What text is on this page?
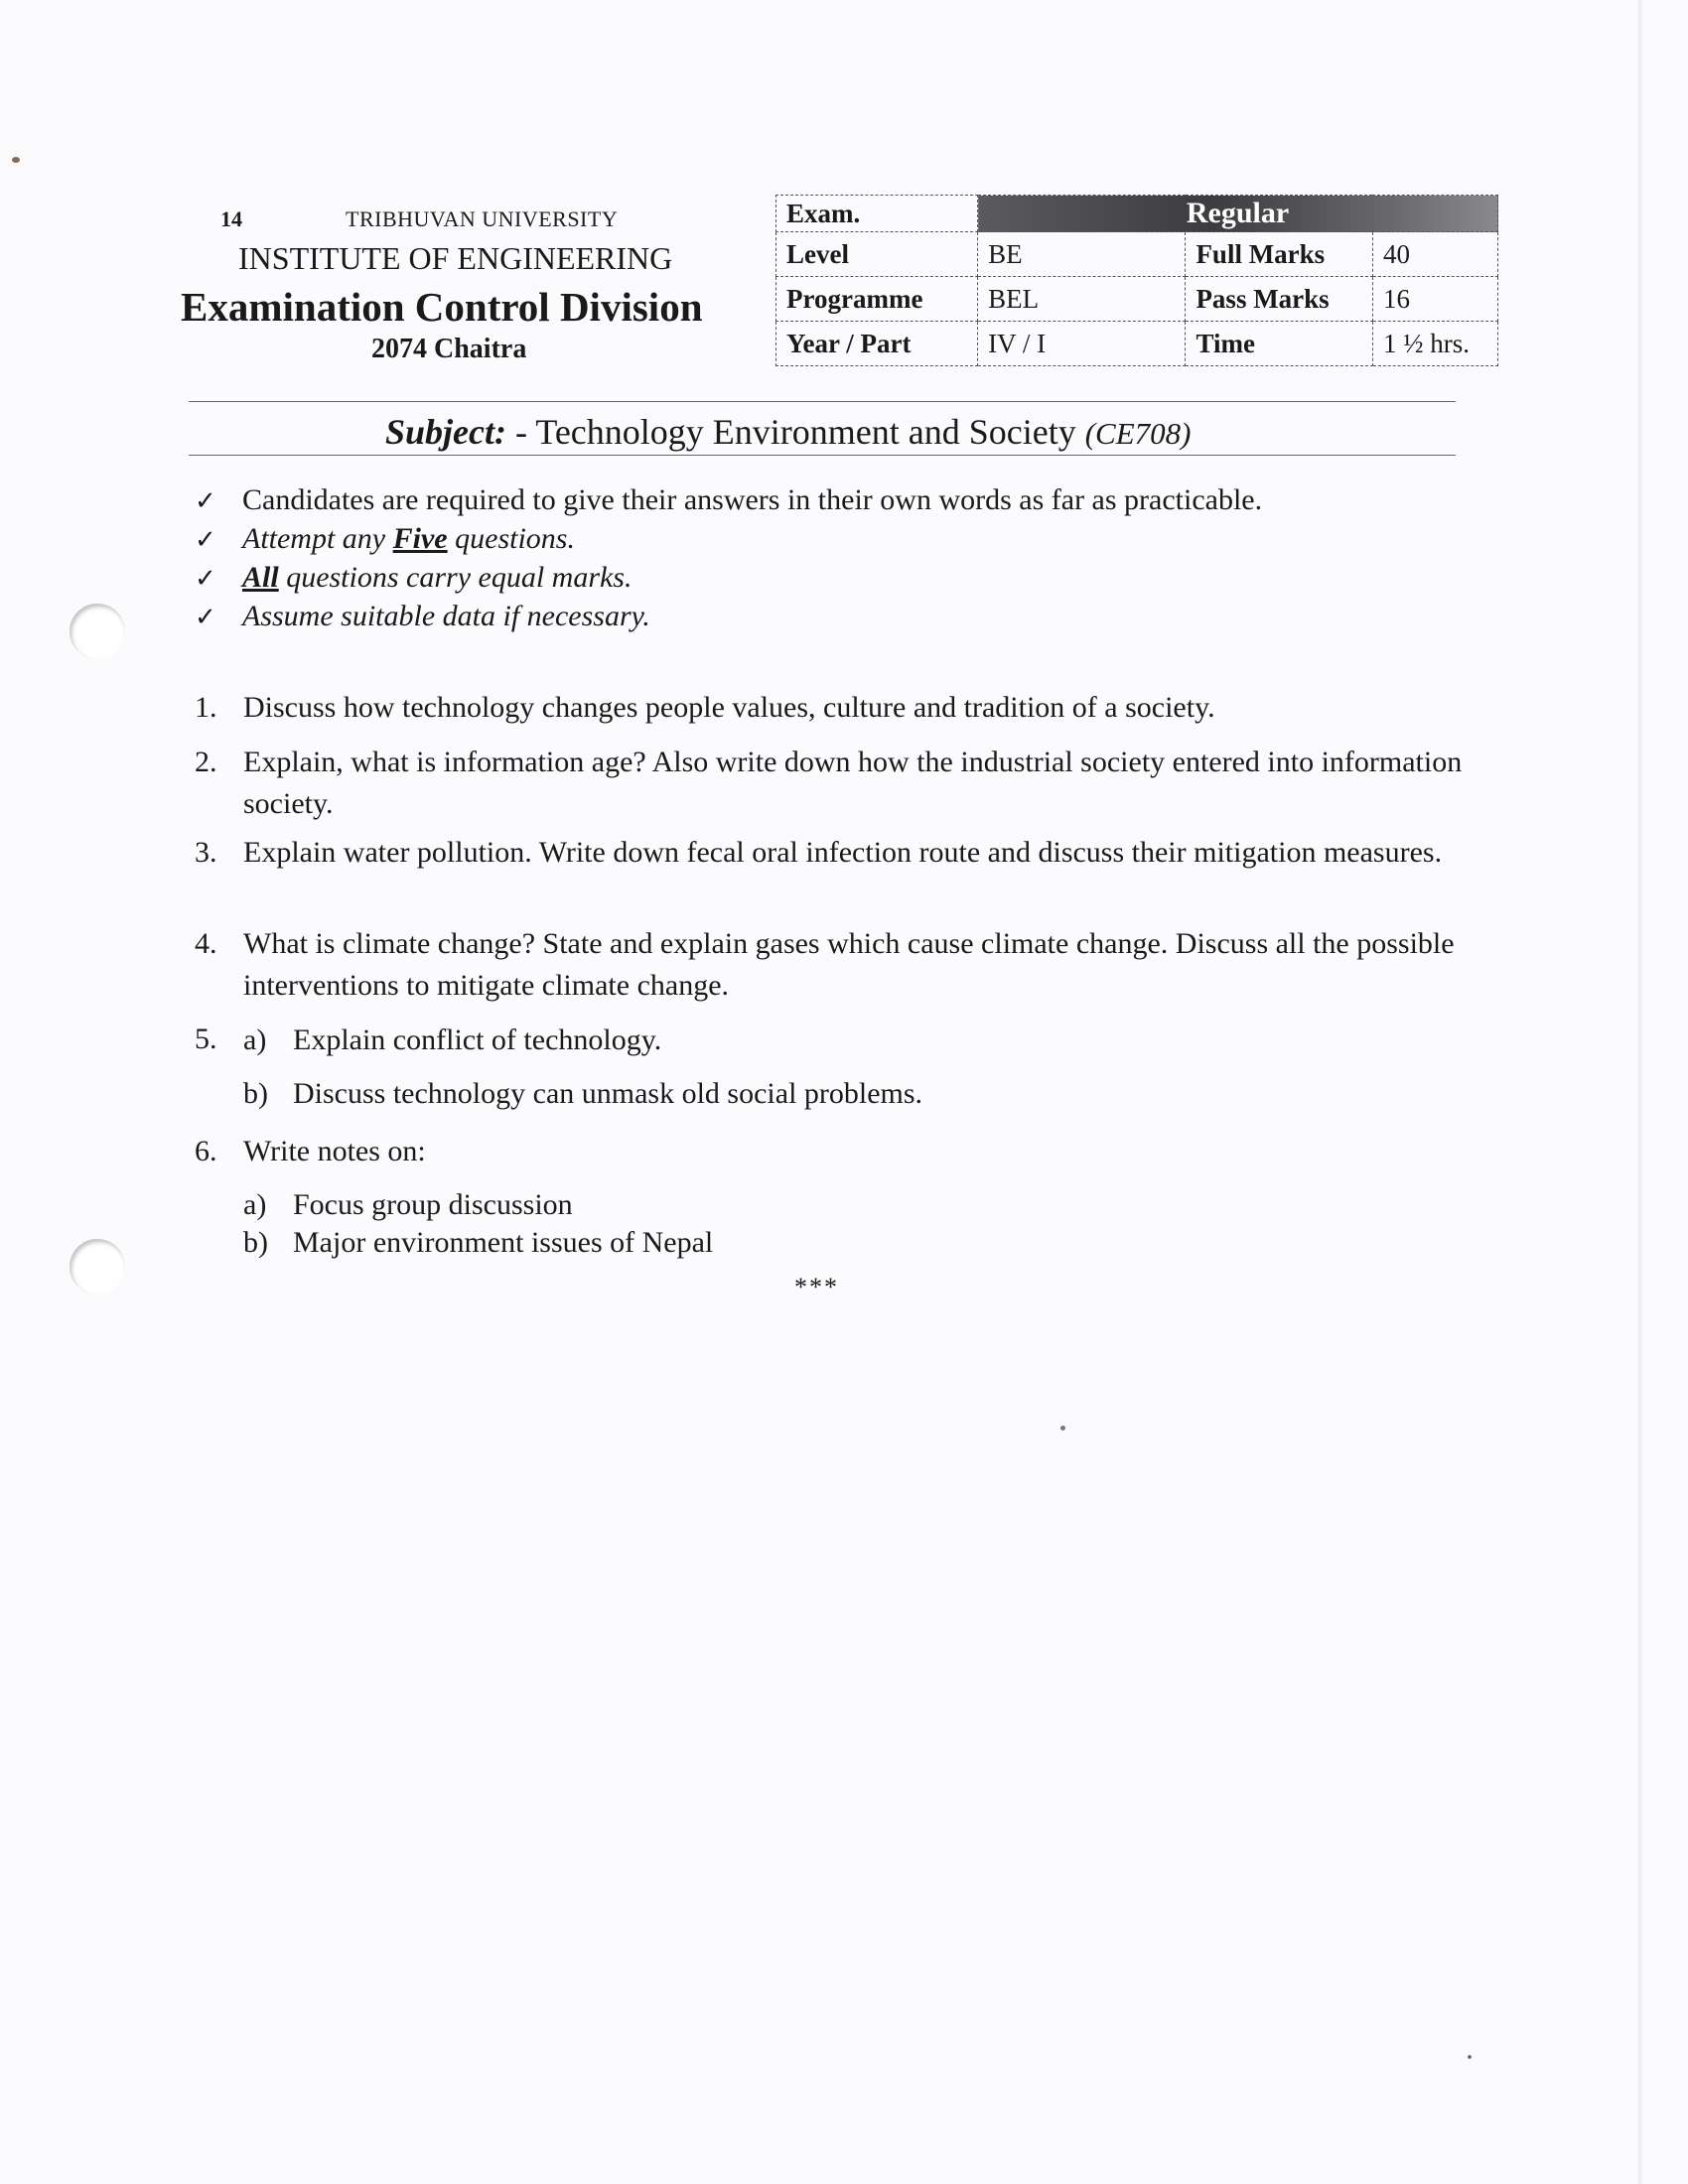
14	TRIBHUVAN UNIVERSITY
INSTITUTE OF ENGINEERING
Examination Control Division
2074 Chaitra
Exam.	Regular		
Level	BE	Full Marks	40
Programme	BEL	Pass Marks	16
Year / Part	IV / I	Time	1 ½ hrs.
Subject: - Technology Environment and Society (CE708)
✓ Candidates are required to give their answers in their own words as far as practicable.
✓ Attempt any Five questions.
✓ All questions carry equal marks.
✓ Assume suitable data if necessary.
1. Discuss how technology changes people values, culture and tradition of a society.
2. Explain, what is information age? Also write down how the industrial society entered into information society.
3. Explain water pollution. Write down fecal oral infection route and discuss their mitigation measures.
4. What is climate change? State and explain gases which cause climate change. Discuss all the possible interventions to mitigate climate change.
5. a) Explain conflict of technology.
b) Discuss technology can unmask old social problems.
6. Write notes on:
a) Focus group discussion
b) Major environment issues of Nepal
***
